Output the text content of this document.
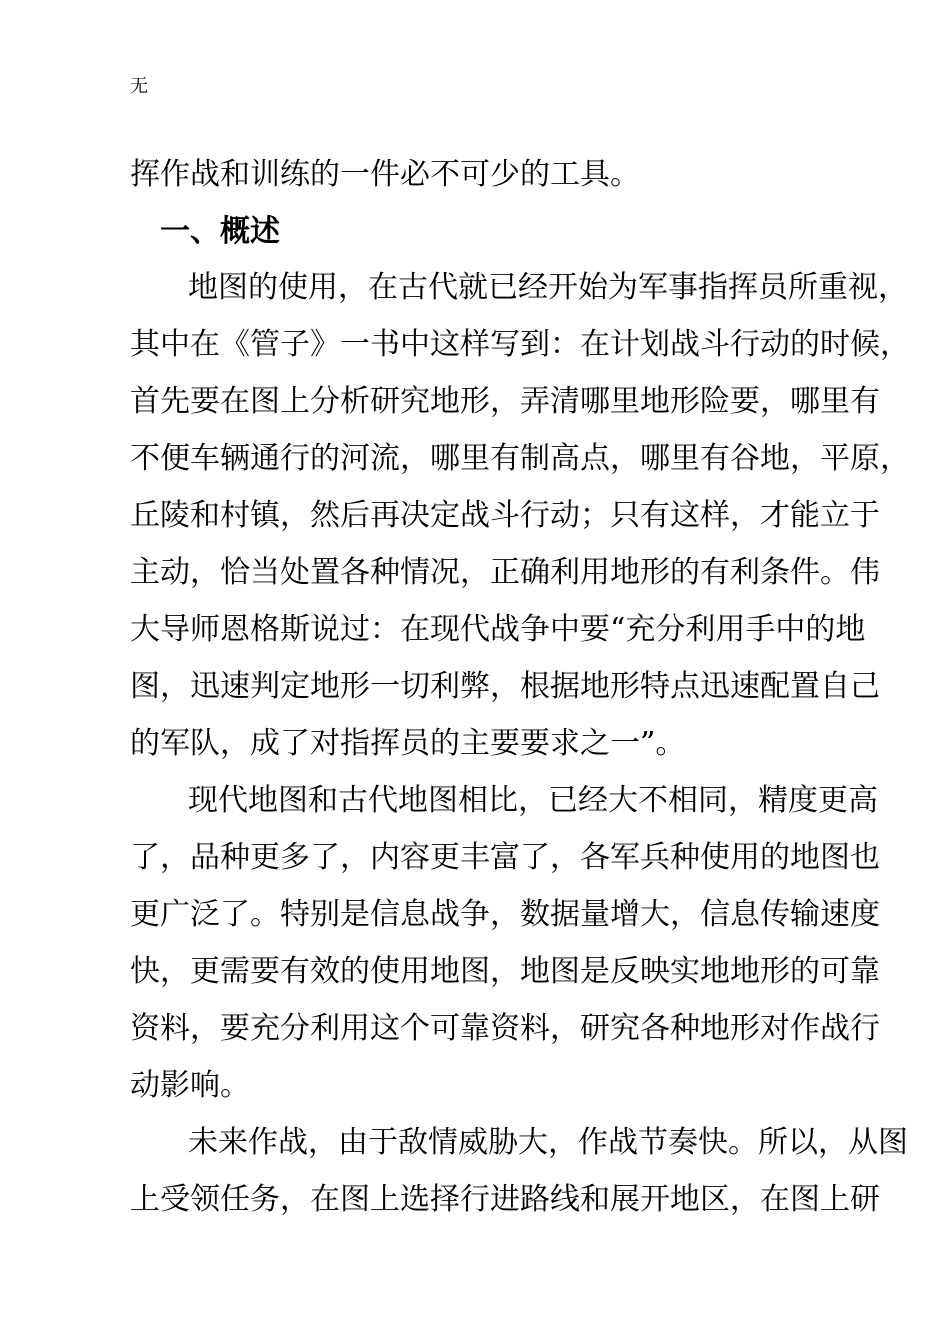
无
挥作战和训练的一件必不可少的工具。
一、概述
地图的使用，在古代就已经开始为军事指挥员所重视，
其中在《管子》一书中这样写到：在计划战斗行动的时候，
首先要在图上分析研究地形，弄清哪里地形险要，哪里有
不便车辆通行的河流，哪里有制高点，哪里有谷地，平原，
丘陵和村镇，然后再决定战斗行动；只有这样，才能立于
主动，恰当处置各种情况，正确利用地形的有利条件。伟
大导师恩格斯说过：在现代战争中要“充分利用手中的地
图，迅速判定地形一切利弊，根据地形特点迅速配置自己
的军队，成了对指挥员的主要要求之一”。
现代地图和古代地图相比，已经大不相同，精度更高
了，品种更多了，内容更丰富了，各军兵种使用的地图也
更广泛了。特别是信息战争，数据量增大，信息传输速度
快，更需要有效的使用地图，地图是反映实地地形的可靠
资料，要充分利用这个可靠资料，研究各种地形对作战行
动影响。
未来作战，由于敌情威胁大，作战节奏快。所以，从图
上受领任务，在图上选择行进路线和展开地区，在图上研
